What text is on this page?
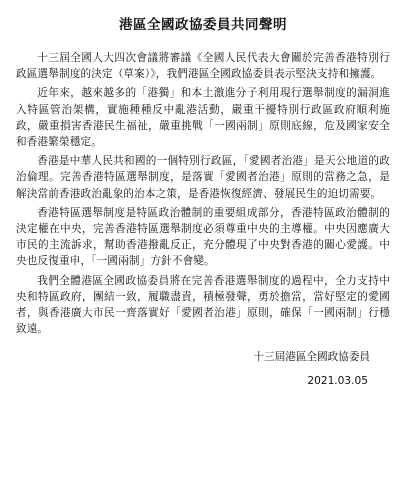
港區全國政協委員共同聲明

十三屆全國人大四次會議將審議《全國人民代表大會關於完善香港特別行政區選舉制度的決定（草案）》，我們港區全國政協委員表示堅決支持和擁護。

近年來，越來越多的「港獨」和本土激進分子利用現行選舉制度的漏洞進入特區管治架構，實施種種反中亂港活動，嚴重干擾特別行政區政府順利施政，嚴重損害香港民生福祉，嚴重挑戰「一國兩制」原則底線，危及國家安全和香港繁榮穩定。

香港是中華人民共和國的一個特別行政區，「愛國者治港」是天公地道的政治倫理。完善香港特區選舉制度，是落實「愛國者治港」原則的當務之急，是解決當前香港政治亂象的治本之策，是香港恢復經濟、發展民生的迫切需要。

香港特區選舉制度是特區政治體制的重要組成部分，香港特區政治體制的決定權在中央，完善香港特區選舉制度必須尊重中央的主導權。中央因應廣大市民的主流訴求，幫助香港撥亂反正，充分體現了中央對香港的關心愛護。中央也反復重申，「一國兩制」方針不會變。

我們全體港區全國政協委員將在完善香港選舉制度的過程中，全力支持中央和特區政府，團結一致，履職盡責，積極發聲，勇於擔當，當好堅定的愛國者，與香港廣大市民一齊落實好「愛國者治港」原則，確保「一國兩制」行穩致遠。

十三屆港區全國政協委員
2021.03.05
